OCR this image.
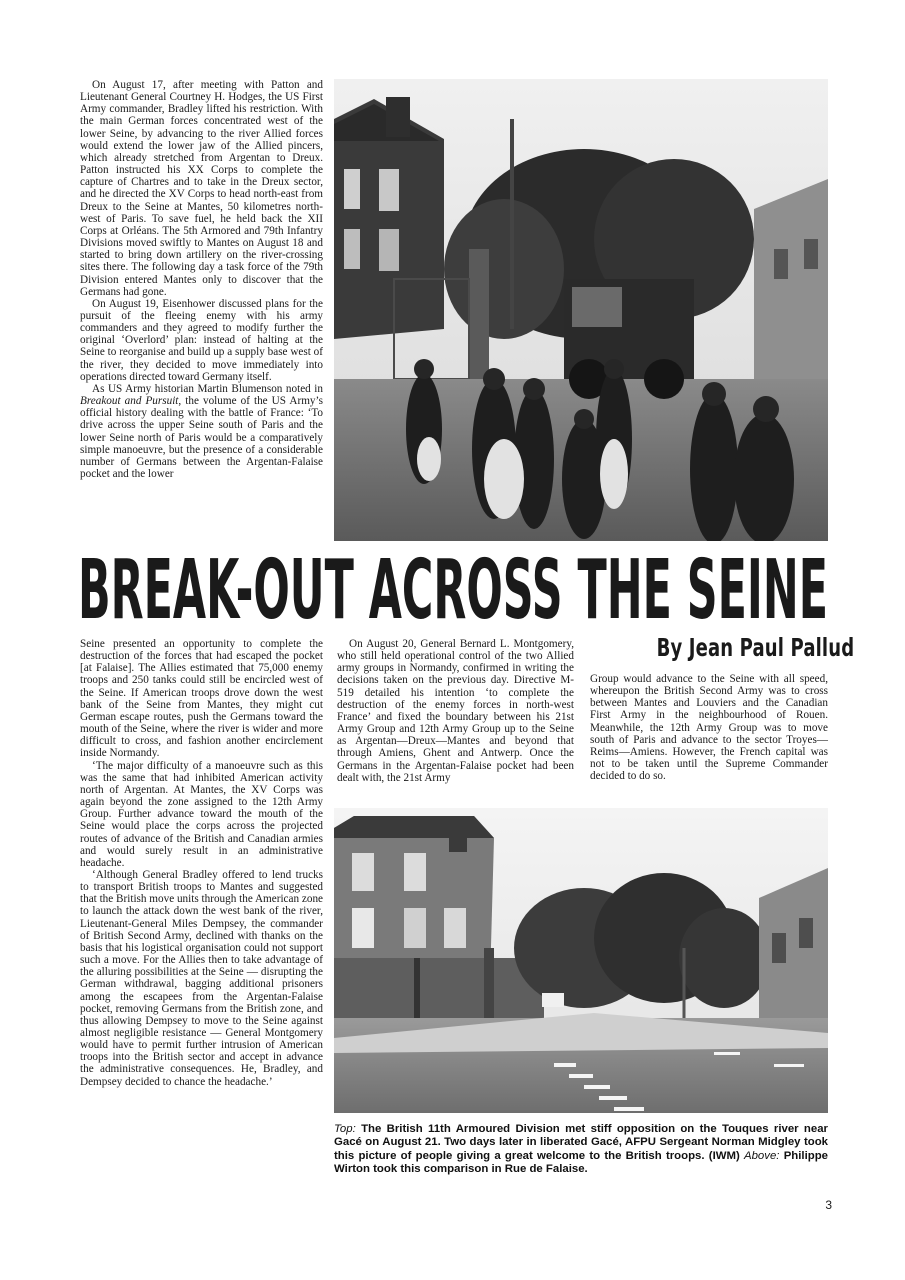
On August 17, after meeting with Patton and Lieutenant General Courtney H. Hodges, the US First Army commander, Bradley lifted his restriction. With the main German forces concentrated west of the lower Seine, by advancing to the river Allied forces would extend the lower jaw of the Allied pincers, which already stretched from Argentan to Dreux. Patton instructed his XX Corps to complete the capture of Chartres and to take in the Dreux sector, and he directed the XV Corps to head north-east from Dreux to the Seine at Mantes, 50 kilometres north-west of Paris. To save fuel, he held back the XII Corps at Orléans. The 5th Armored and 79th Infantry Divisions moved swiftly to Mantes on August 18 and started to bring down artillery on the river-crossing sites there. The following day a task force of the 79th Division entered Mantes only to discover that the Germans had gone.

On August 19, Eisenhower discussed plans for the pursuit of the fleeing enemy with his army commanders and they agreed to modify further the original ‘Overlord’ plan: instead of halting at the Seine to reorganise and build up a supply base west of the river, they decided to move immediately into operations directed toward Germany itself.

As US Army historian Martin Blumenson noted in Breakout and Pursuit, the volume of the US Army’s official history dealing with the battle of France: ‘To drive across the upper Seine south of Paris and the lower Seine north of Paris would be a comparatively simple manoeuvre, but the presence of a considerable number of Germans between the Argentan-Falaise pocket and the lower

BREAK-OUT ACROSS THE SEINE
By Jean Paul Pallud

Seine presented an opportunity to complete the destruction of the forces that had escaped the pocket [at Falaise]. The Allies estimated that 75,000 enemy troops and 250 tanks could still be encircled west of the Seine. If American troops drove down the west bank of the Seine from Mantes, they might cut German escape routes, push the Germans toward the mouth of the Seine, where the river is wider and more difficult to cross, and fashion another encirclement inside Normandy.

‘The major difficulty of a manoeuvre such as this was the same that had inhibited American activity north of Argentan. At Mantes, the XV Corps was again beyond the zone assigned to the 12th Army Group. Further advance toward the mouth of the Seine would place the corps across the projected routes of advance of the British and Canadian armies and would surely result in an administrative headache.

‘Although General Bradley offered to lend trucks to transport British troops to Mantes and suggested that the British move units through the American zone to launch the attack down the west bank of the river, Lieutenant-General Miles Dempsey, the commander of British Second Army, declined with thanks on the basis that his logistical organisation could not support such a move. For the Allies then to take advantage of the alluring possibilities at the Seine — disrupting the German withdrawal, bagging additional prisoners among the escapees from the Argentan-Falaise pocket, removing Germans from the British zone, and thus allowing Dempsey to move to the Seine against almost negligible resistance — General Montgomery would have to permit further intrusion of American troops into the British sector and accept in advance the administrative consequences. He, Bradley, and Dempsey decided to chance the headache.’

On August 20, General Bernard L. Montgomery, who still held operational control of the two Allied army groups in Normandy, confirmed in writing the decisions taken on the previous day. Directive M-519 detailed his intention ‘to complete the destruction of the enemy forces in north-west France’ and fixed the boundary between his 21st Army Group and 12th Army Group up to the Seine as Argentan—Dreux—Mantes and beyond that through Amiens, Ghent and Antwerp. Once the Germans in the Argentan-Falaise pocket had been dealt with, the 21st Army

Group would advance to the Seine with all speed, whereupon the British Second Army was to cross between Mantes and Louviers and the Canadian First Army in the neighbourhood of Rouen. Meanwhile, the 12th Army Group was to move south of Paris and advance to the sector Troyes—Reims—Amiens. However, the French capital was not to be taken until the Supreme Commander decided to do so.

Top: The British 11th Armoured Division met stiff opposition on the Touques river near Gacé on August 21. Two days later in liberated Gacé, AFPU Sergeant Norman Midgley took this picture of people giving a great welcome to the British troops. (IWM) Above: Philippe Wirton took this comparison in Rue de Falaise.
3
